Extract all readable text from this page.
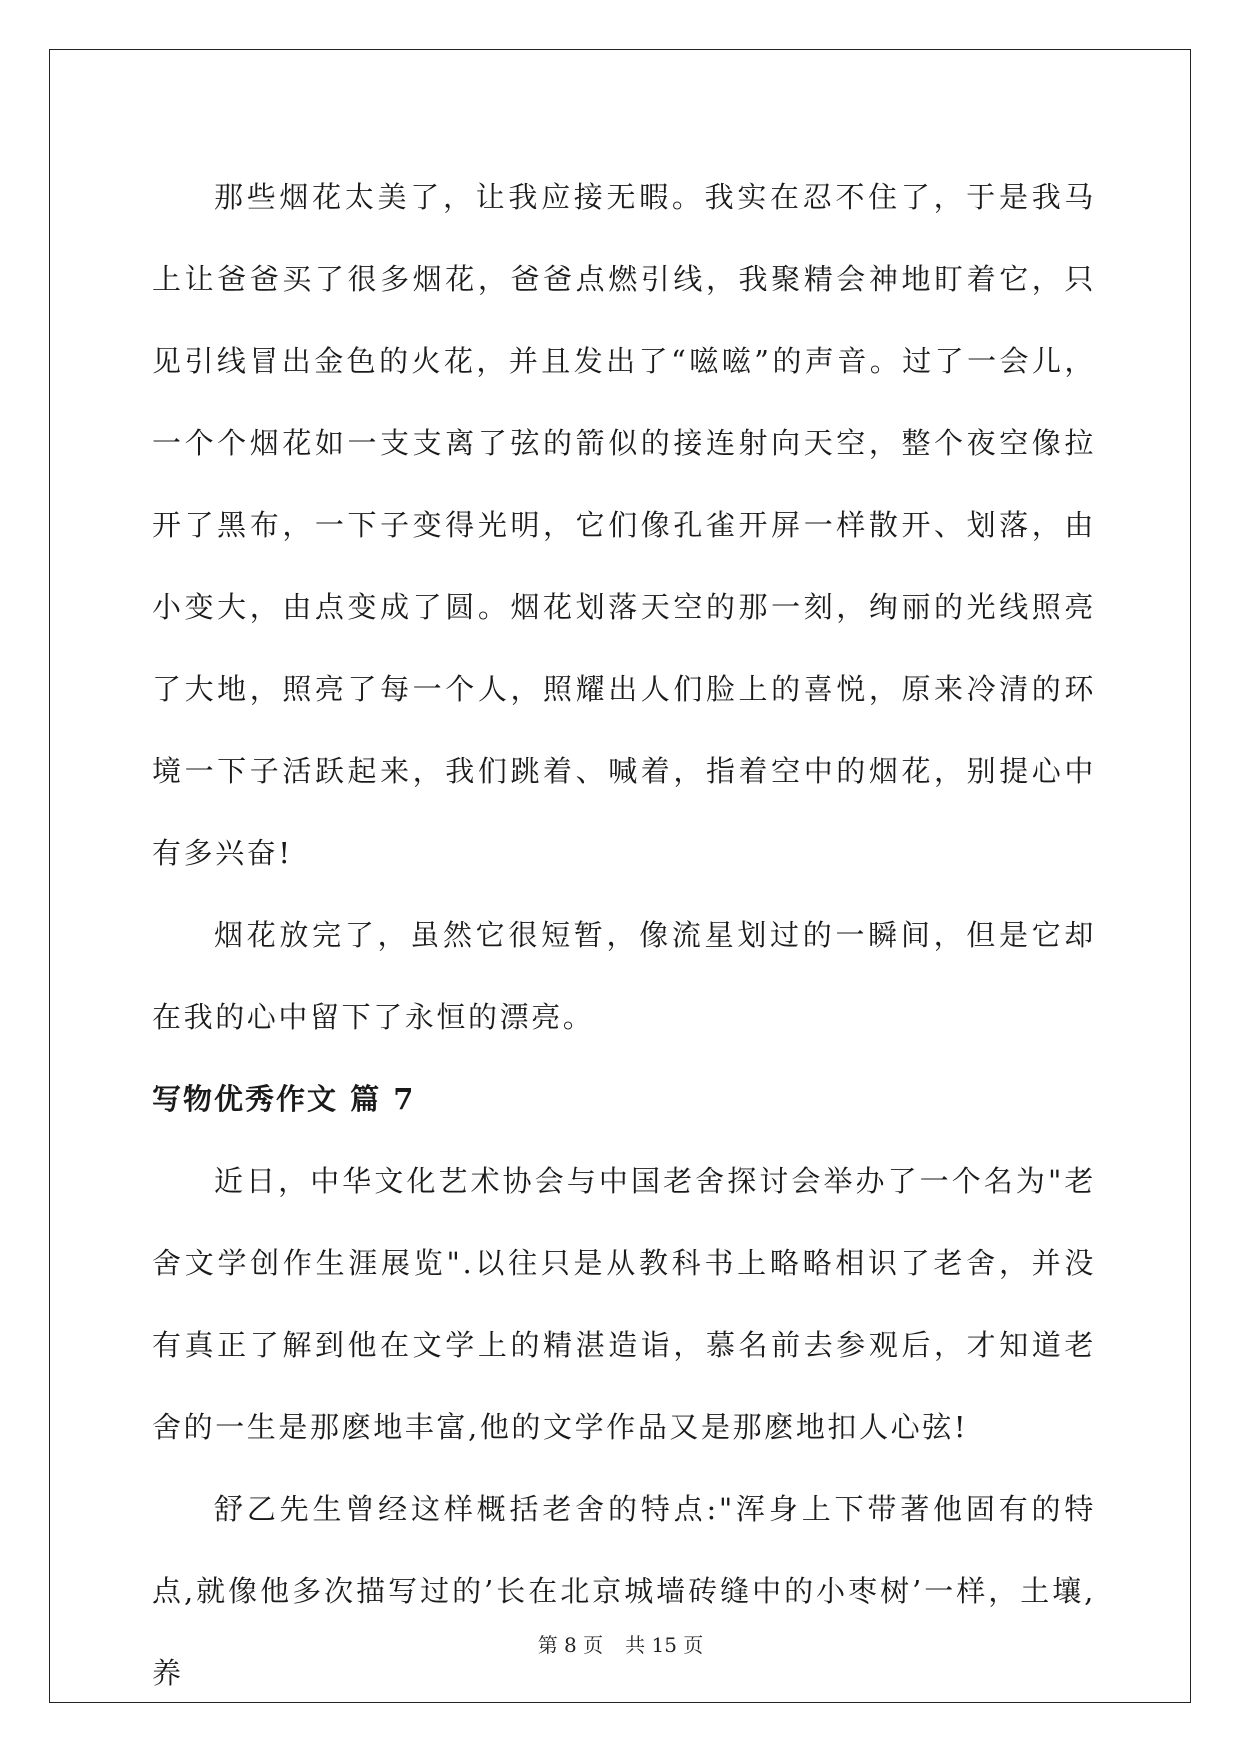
那些烟花太美了，让我应接无暇。我实在忍不住了，于是我马上让爸爸买了很多烟花，爸爸点燃引线，我聚精会神地盯着它，只见引线冒出金色的火花，并且发出了“嗞嗞”的声音。过了一会儿，一个个烟花如一支支离了弦的箭似的接连射向天空，整个夜空像拉开了黑布，一下子变得光明，它们像孔雀开屏一样散开、划落，由小变大，由点变成了圆。烟花划落天空的那一刻，绚丽的光线照亮了大地，照亮了每一个人，照耀出人们脸上的喜悦，原来冷清的环境一下子活跃起来，我们跳着、喊着，指着空中的烟花，别提心中有多兴奋!

烟花放完了，虽然它很短暂，像流星划过的一瞬间，但是它却在我的心中留下了永恒的漂亮。

写物优秀作文 篇 7

近日，中华文化艺术协会与中国老舍探讨会举办了一个名为"老舍文学创作生涯展览".以往只是从教科书上略略相识了老舍，并没有真正了解到他在文学上的精湛造诣，慕名前去参观后，才知道老舍的一生是那麽地丰富,他的文学作品又是那麽地扣人心弦!

舒乙先生曾经这样概括老舍的特点:"浑身上下带著他固有的特点,就像他多次描写过的’长在北京城墙砖缝中的小枣树’一样，土壤,养

第 8 页 共 15 页
